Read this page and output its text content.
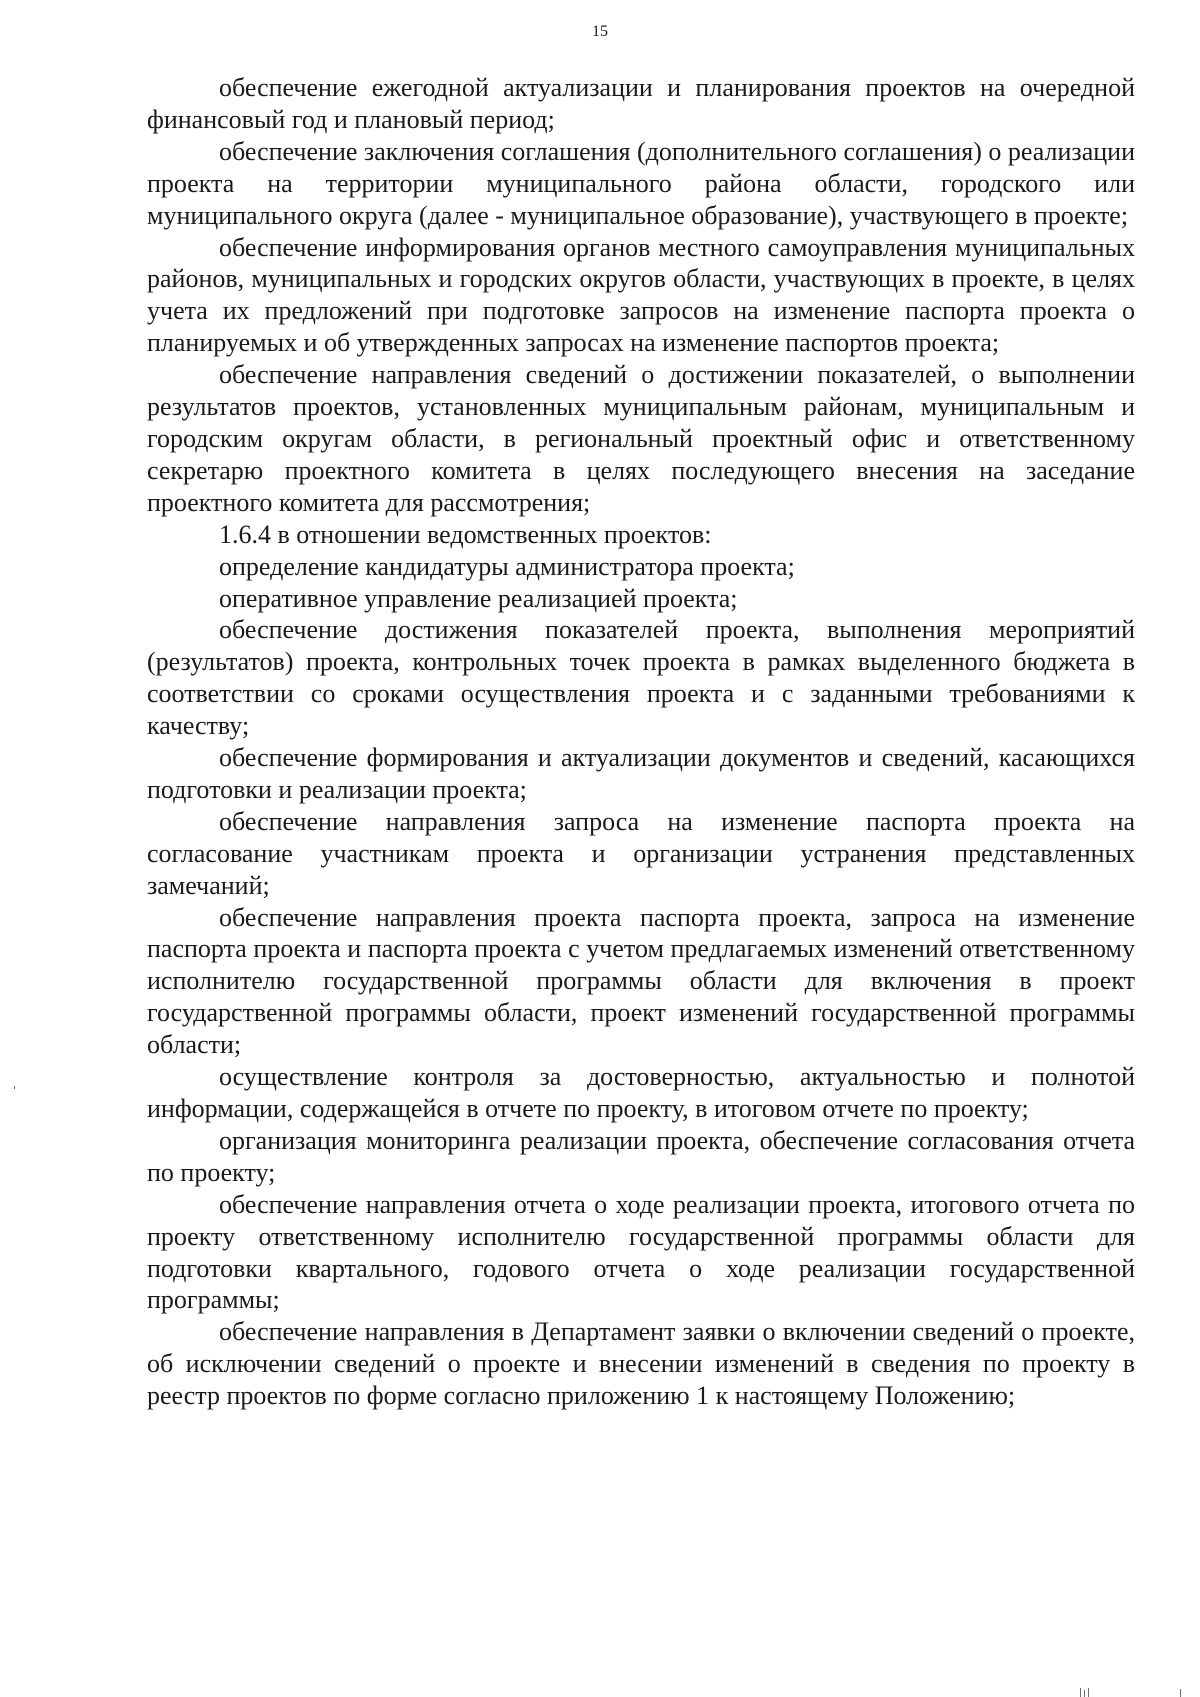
15

обеспечение ежегодной актуализации и планирования проектов на очередной финансовый год и плановый период;

обеспечение заключения соглашения (дополнительного соглашения) о реализации проекта на территории муниципального района области, городского или муниципального округа (далее - муниципальное образование), участвующего в проекте;

обеспечение информирования органов местного самоуправления муниципальных районов, муниципальных и городских округов области, участвующих в проекте, в целях учета их предложений при подготовке запросов на изменение паспорта проекта о планируемых и об утвержденных запросах на изменение паспортов проекта;

обеспечение направления сведений о достижении показателей, о выполнении результатов проектов, установленных муниципальным районам, муниципальным и городским округам области, в региональный проектный офис и ответственному секретарю проектного комитета в целях последующего внесения на заседание проектного комитета для рассмотрения;

1.6.4 в отношении ведомственных проектов:

определение кандидатуры администратора проекта;

оперативное управление реализацией проекта;

обеспечение достижения показателей проекта, выполнения мероприятий (результатов) проекта, контрольных точек проекта в рамках выделенного бюджета в соответствии со сроками осуществления проекта и с заданными требованиями к качеству;

обеспечение формирования и актуализации документов и сведений, касающихся подготовки и реализации проекта;

обеспечение направления запроса на изменение паспорта проекта на согласование участникам проекта и организации устранения представленных замечаний;

обеспечение направления проекта паспорта проекта, запроса на изменение паспорта проекта и паспорта проекта с учетом предлагаемых изменений ответственному исполнителю государственной программы области для включения в проект государственной программы области, проект изменений государственной программы области;

осуществление контроля за достоверностью, актуальностью и полнотой информации, содержащейся в отчете по проекту, в итоговом отчете по проекту;

организация мониторинга реализации проекта, обеспечение согласования отчета по проекту;

обеспечение направления отчета о ходе реализации проекта, итогового отчета по проекту ответственному исполнителю государственной программы области для подготовки квартального, годового отчета о ходе реализации государственной программы;

обеспечение направления в Департамент заявки о включении сведений о проекте, об исключении сведений о проекте и внесении изменений в сведения по проекту в реестр проектов по форме согласно приложению 1 к настоящему Положению;
